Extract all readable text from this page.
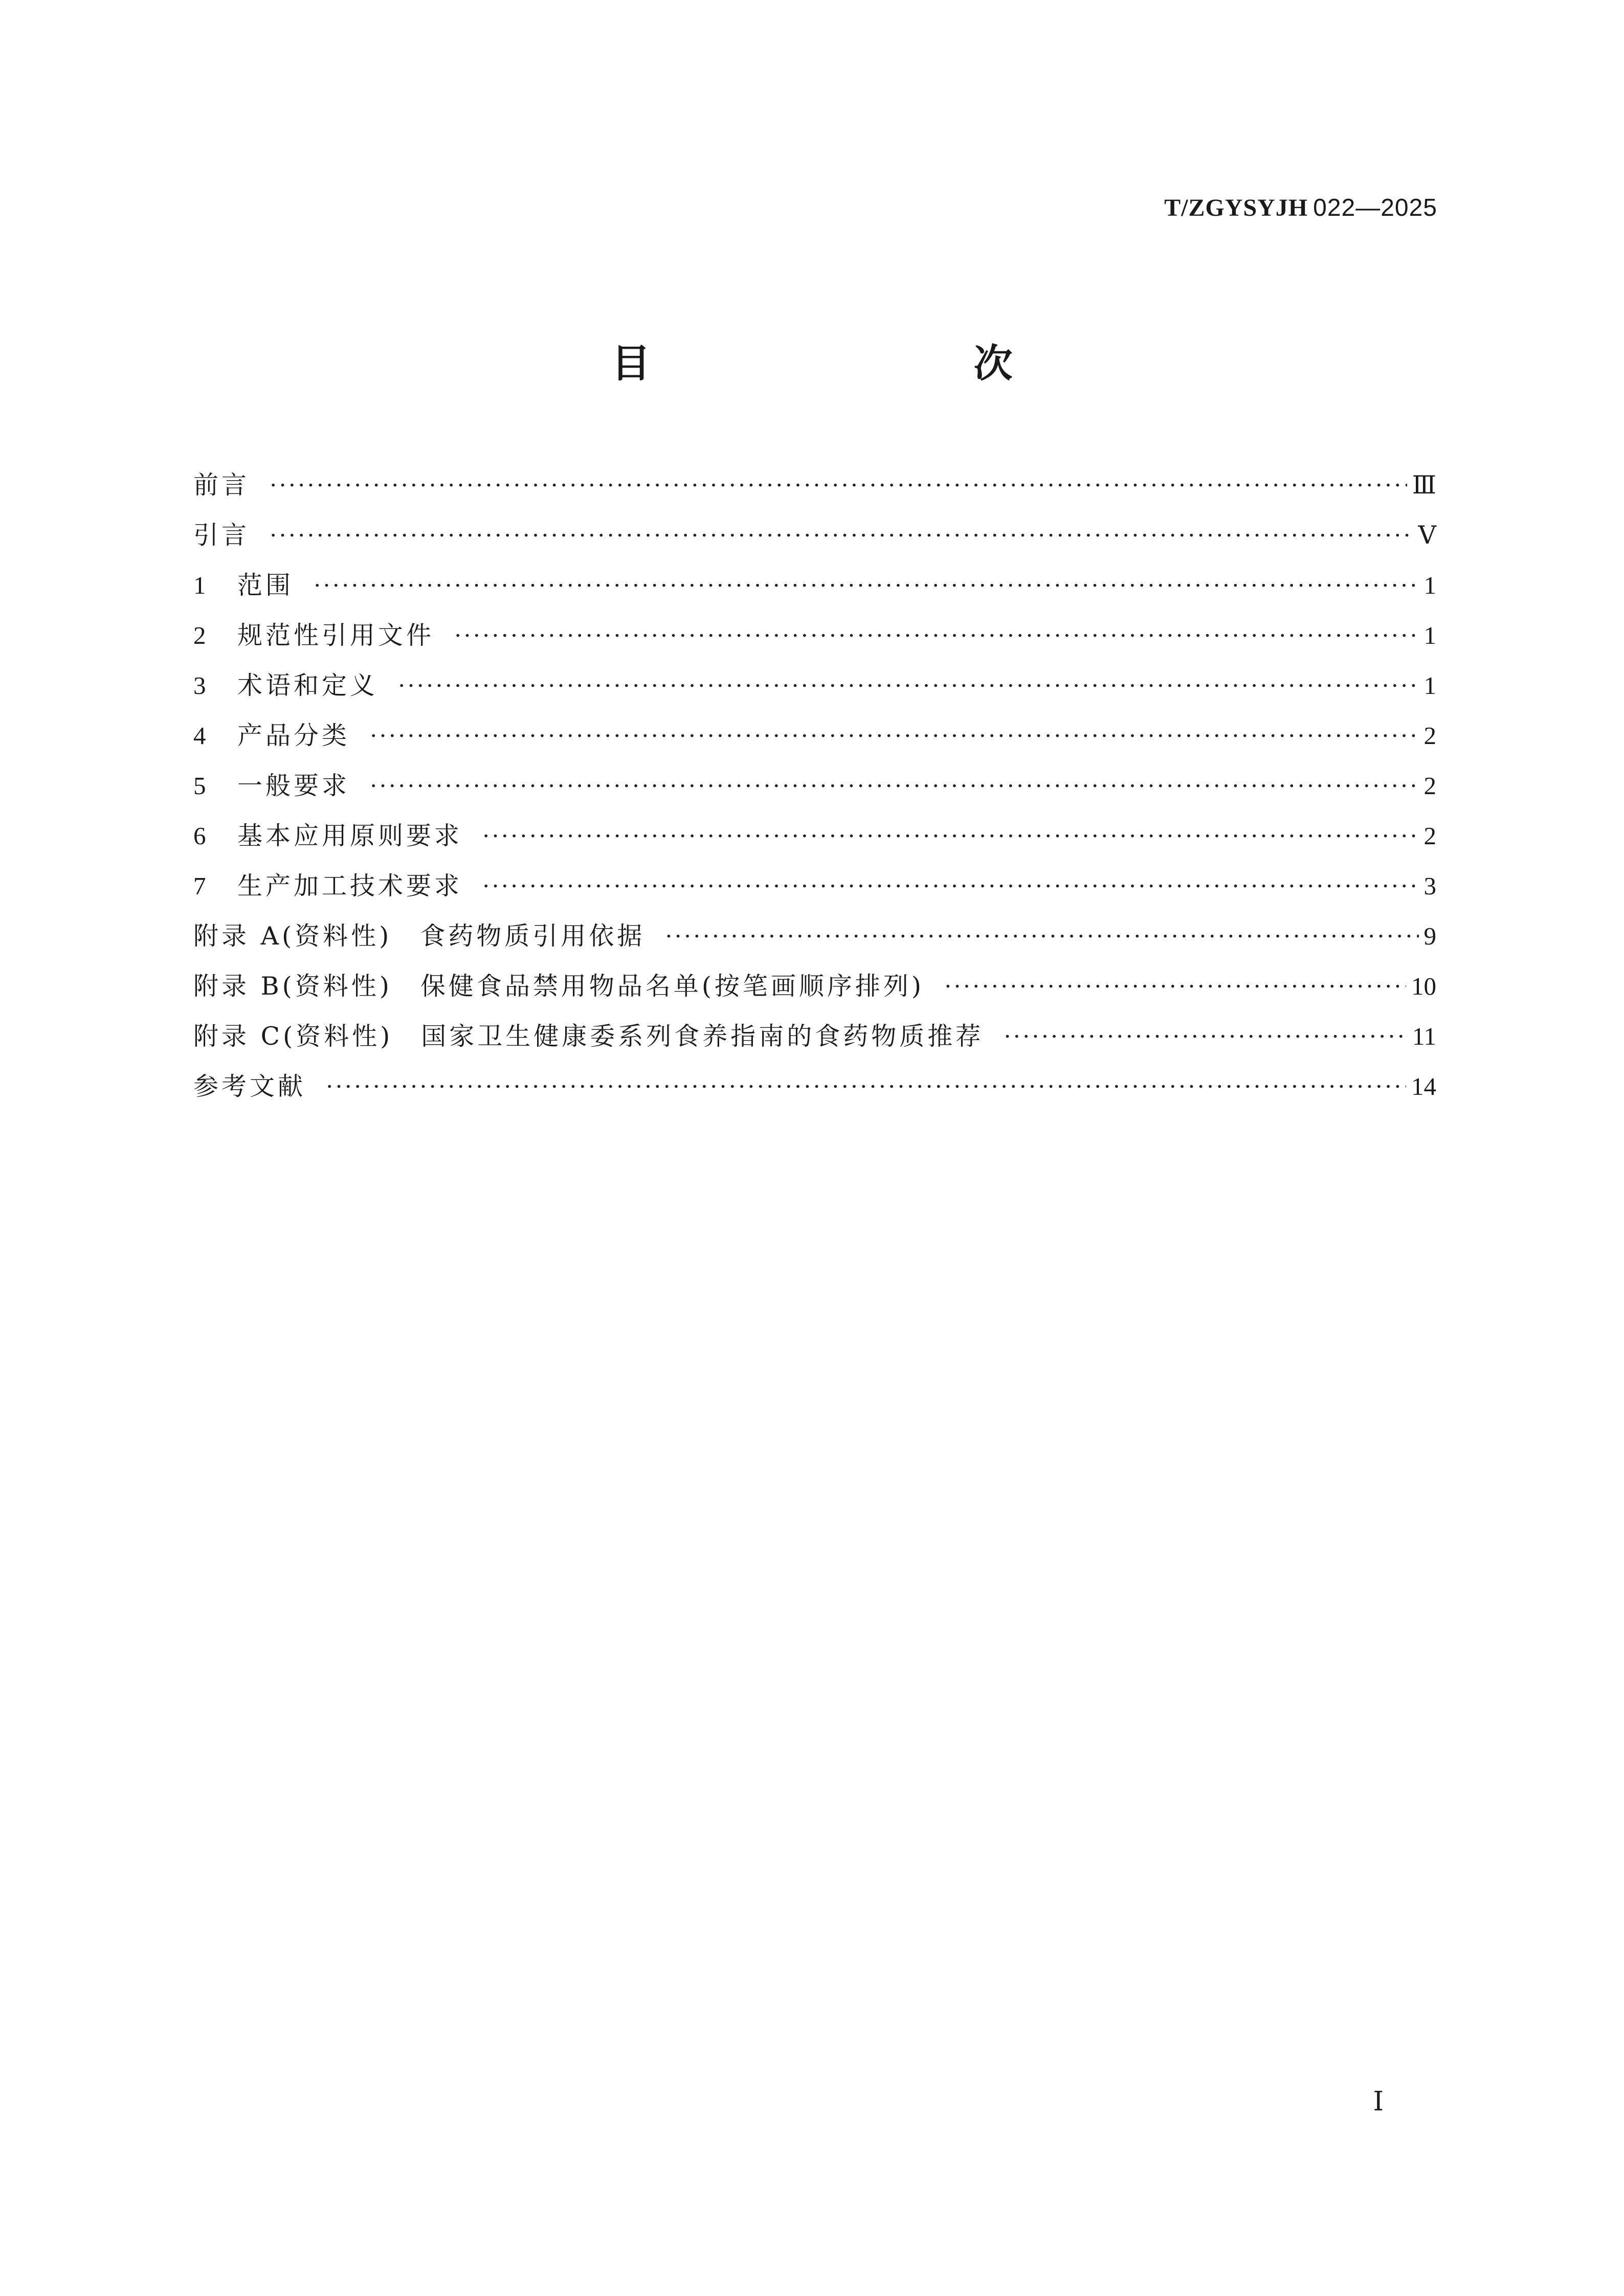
T/ZGYSYJH 022—2025
目　　次
前言 ·····	Ⅲ
引言 ·····	Ⅴ
1	范围 ·····	1
2	规范性引用文件 ·····	1
3	术语和定义 ·····	1
4	产品分类 ·····	2
5	一般要求 ·····	2
6	基本应用原则要求 ·····	2
7	生产加工技术要求 ·····	3
附录 A(资料性)　食药物质引用依据 ·····	9
附录 B(资料性)　保健食品禁用物品名单(按笔画顺序排列) ·····	10
附录 C(资料性)　国家卫生健康委系列食养指南的食药物质推荐 ·····	11
参考文献 ·····	14
Ⅰ
